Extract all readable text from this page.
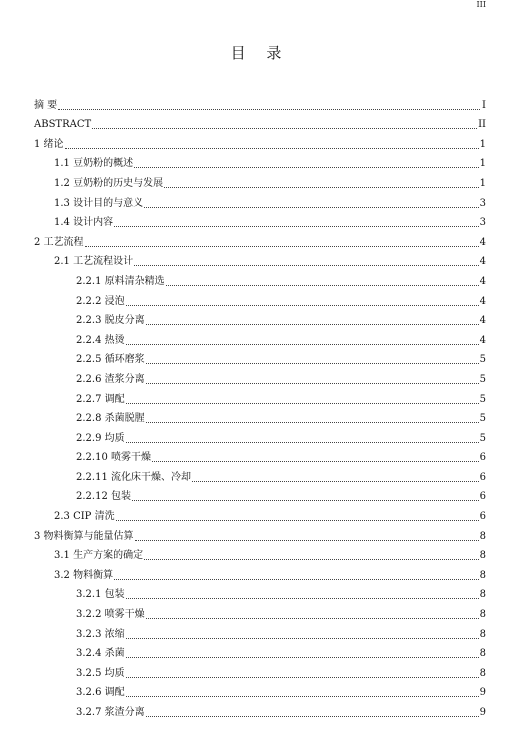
III
目 录
摘 要	I
ABSTRACT	II
1 绪论	1
1.1 豆奶粉的概述	1
1.2 豆奶粉的历史与发展	1
1.3 设计目的与意义	3
1.4 设计内容	3
2 工艺流程	4
2.1 工艺流程设计	4
2.2.1 原料清杂精选	4
2.2.2 浸泡	4
2.2.3 脱皮分离	4
2.2.4 热烫	4
2.2.5 循环磨浆	5
2.2.6 渣浆分离	5
2.2.7 调配	5
2.2.8 杀菌脱腥	5
2.2.9 均质	5
2.2.10 喷雾干燥	6
2.2.11 流化床干燥、冷却	6
2.2.12 包装	6
2.3 CIP 清洗	6
3 物料衡算与能量估算	8
3.1 生产方案的确定	8
3.2 物料衡算	8
3.2.1 包装	8
3.2.2 喷雾干燥	8
3.2.3 浓缩	8
3.2.4 杀菌	8
3.2.5 均质	8
3.2.6 调配	9
3.2.7 浆渣分离	9
